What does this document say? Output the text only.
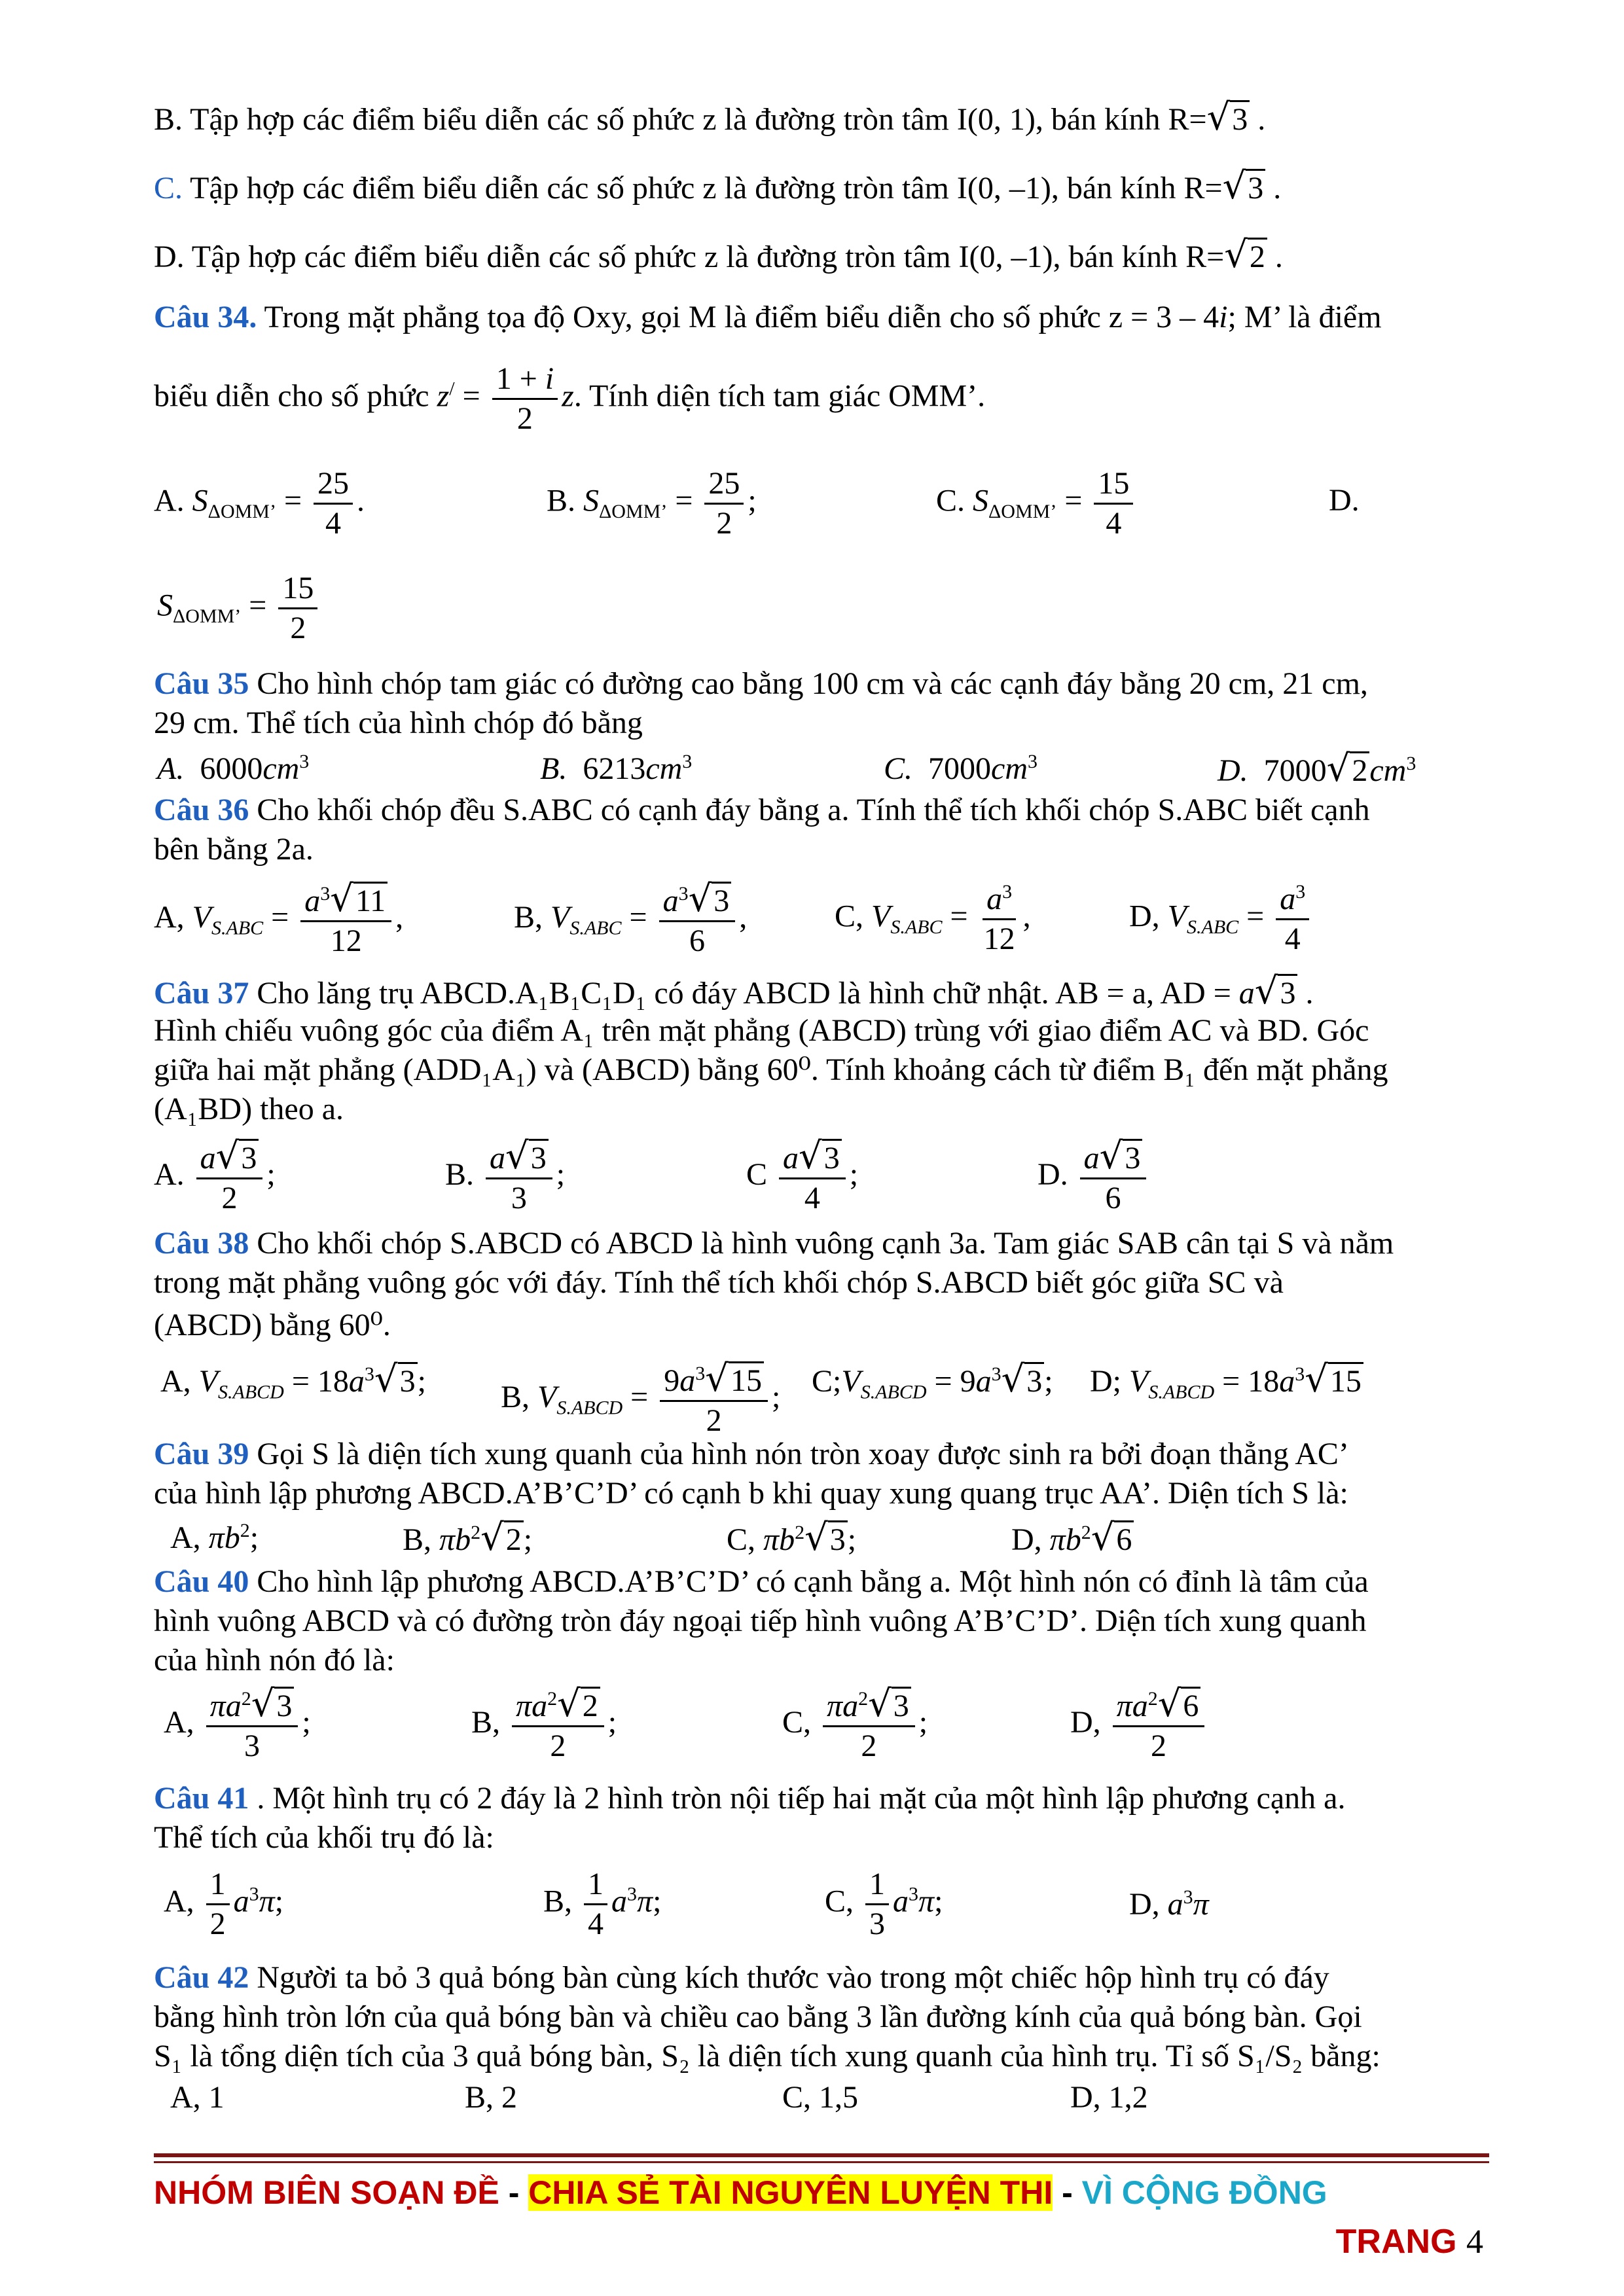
B. Tập hợp các điểm biểu diễn các số phức z là đường tròn tâm I(0, 1), bán kính R=√3 .
C. Tập hợp các điểm biểu diễn các số phức z là đường tròn tâm I(0, –1), bán kính R=√3 .
D. Tập hợp các điểm biểu diễn các số phức z là đường tròn tâm I(0, –1), bán kính R=√2 .
Câu 34. Trong mặt phẳng tọa độ Oxy, gọi M là điểm biểu diễn cho số phức z = 3 – 4i; M’ là điểm
biểu diễn cho số phức $z^/ = \frac{1 + i}{2} z$. Tính diện tích tam giác OMM’.
A. $S_{\Delta OMM’} = \frac{25}{4}$ .	B. $S_{\Delta OMM’} = \frac{25}{2}$ ;	C. $S_{\Delta OMM’} = \frac{15}{4}$	D.
$S_{\Delta OMM’} = \frac{15}{2}$
Câu 35 Cho hình chóp tam giác có đường cao bằng 100 cm và các cạnh đáy bằng 20 cm, 21 cm,
29 cm. Thể tích của hình chóp đó bằng
A. $6000cm^3$	B. $6213cm^3$	C. $7000cm^3$	D. $7000√2cm^3$
Câu 36 Cho khối chóp đều S.ABC có cạnh đáy bằng a. Tính thể tích khối chóp S.ABC biết cạnh
bên bằng 2a.
A, $V_{S.ABC} = \frac{a^3√11}{12}$ ,	B, $V_{S.ABC} = \frac{a^3√3}{6}$ ,	C, $V_{S.ABC} = \frac{a^3}{12}$ ,	D, $V_{S.ABC} = \frac{a^3}{4}$
Câu 37 Cho lăng trụ ABCD.A₁B₁C₁D₁ có đáy ABCD là hình chữ nhật. AB = a, AD = a√3 .
Hình chiếu vuông góc của điểm A₁ trên mặt phẳng (ABCD) trùng với giao điểm AC và BD. Góc
giữa hai mặt phẳng (ADD₁A₁) và (ABCD) bằng 60⁰. Tính khoảng cách từ điểm B₁ đến mặt phẳng
(A₁BD) theo a.
A. $\frac{a√3}{2}$ ;	B. $\frac{a√3}{3}$ ;	C $\frac{a√3}{4}$ ;	D. $\frac{a√3}{6}$
Câu 38 Cho khối chóp S.ABCD có ABCD là hình vuông cạnh 3a. Tam giác SAB cân tại S và nằm
trong mặt phẳng vuông góc với đáy. Tính thể tích khối chóp S.ABCD biết góc giữa SC và
(ABCD) bằng 60⁰.
A, $V_{S.ABCD} = 18a^3√3$; B, $V_{S.ABCD} = \frac{9a^3√15}{2}$ ; $C;V_{S.ABCD} = 9a^3√3$; D; $V_{S.ABCD} = 18a^3√15$
Câu 39 Gọi S là diện tích xung quanh của hình nón tròn xoay được sinh ra bởi đoạn thẳng AC’
của hình lập phương ABCD.A’B’C’D’ có cạnh b khi quay xung quang trục AA’. Diện tích S là:
A, $\pi b^2$;	B, $\pi b^2√2$;	C, $\pi b^2√3$;	D, $\pi b^2√6$
Câu 40 Cho hình lập phương ABCD.A’B’C’D’ có cạnh bằng a. Một hình nón có đỉnh là tâm của
hình vuông ABCD và có đường tròn đáy ngoại tiếp hình vuông A’B’C’D’. Diện tích xung quanh
của hình nón đó là:
A, $\frac{\pi a^2√3}{3}$ ;	B, $\frac{\pi a^2√2}{2}$ ;	C, $\frac{\pi a^2√3}{2}$ ;	D, $\frac{\pi a^2√6}{2}$
Câu 41 . Một hình trụ có 2 đáy là 2 hình tròn nội tiếp hai mặt của một hình lập phương cạnh a.
Thể tích của khối trụ đó là:
A, $\frac{1}{2} a^3\pi$;	B, $\frac{1}{4} a^3\pi$;	C, $\frac{1}{3} a^3\pi$;	D, $a^3\pi$
Câu 42 Người ta bỏ 3 quả bóng bàn cùng kích thước vào trong một chiếc hộp hình trụ có đáy
bằng hình tròn lớn của quả bóng bàn và chiều cao bằng 3 lần đường kính của quả bóng bàn. Gọi
S₁ là tổng diện tích của 3 quả bóng bàn, S₂ là diện tích xung quanh của hình trụ. Tỉ số S₁/S₂ bằng:
A, 1	B, 2	C, 1,5	D, 1,2
NHÓM BIÊN SOẠN ĐỀ - CHIA SẺ TÀI NGUYÊN LUYỆN THI - VÌ CỘNG ĐỒNG
TRANG 4
